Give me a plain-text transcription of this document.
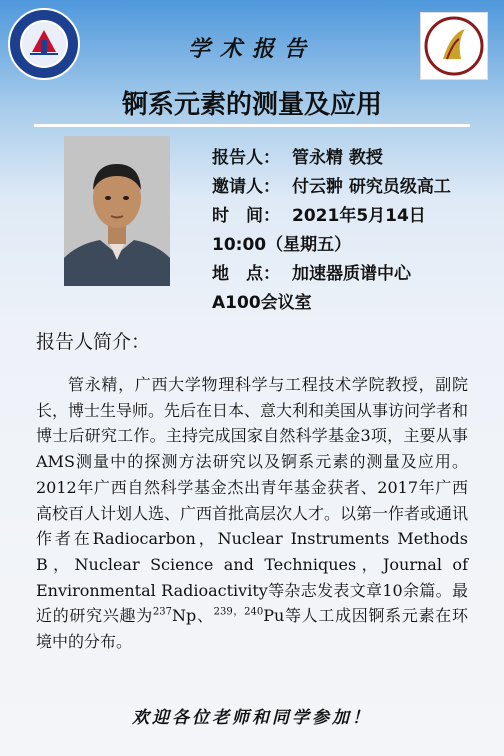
学术报告
锕系元素的测量及应用
报告人： 管永精 教授
邀请人： 付云翀 研究员级高工
时　间： 2021年5月14日
10:00（星期五）
地　点： 加速器质谱中心
A100会议室
报告人简介：

管永精，广西大学物理科学与工程技术学院教授，副院长，博士生导师。先后在日本、意大利和美国从事访问学者和博士后研究工作。主持完成国家自然科学基金3项，主要从事AMS测量中的探测方法研究以及锕系元素的测量及应用。2012年广西自然科学基金杰出青年基金获者、2017年广西高校百人计划人选、广西首批高层次人才。以第一作者或通讯作者在Radiocarbon，Nuclear Instruments Methods B，Nuclear Science and Techniques，Journal of Environmental Radioactivity等杂志发表文章10余篇。最近的研究兴趣为$^{237}$Np、$^{239,240}$Pu等人工成因锕系元素在环境中的分布。

欢迎各位老师和同学参加！
